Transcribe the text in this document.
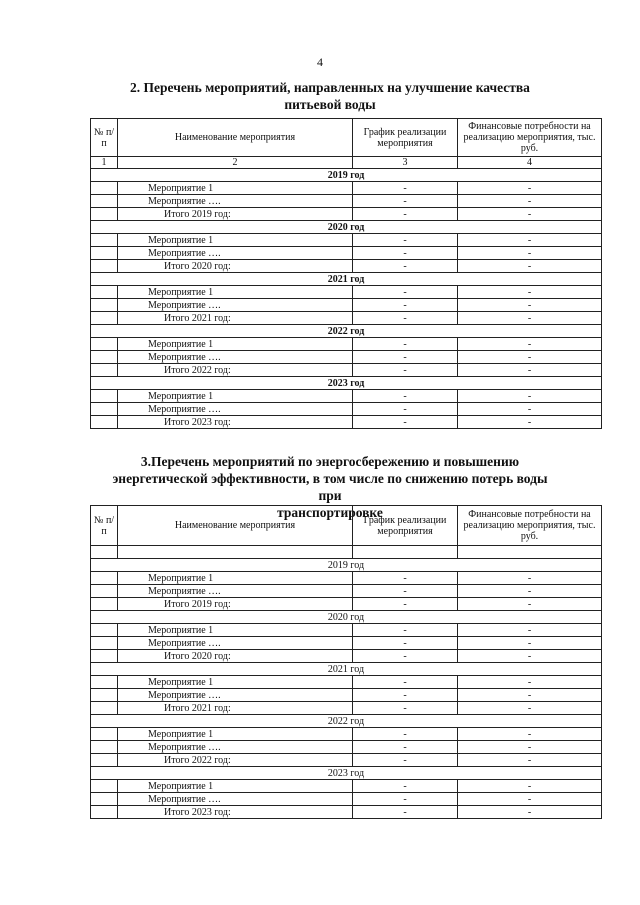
4
2. Перечень мероприятий, направленных на улучшение качества
питьевой воды
№ п/п	Наименование мероприятия	График реализации мероприятия	Финансовые потребности на реализацию мероприятия, тыс. руб.
1	2	3	4
2019 год			
	Мероприятие 1	-	-
	Мероприятие ….	-	-
	Итого 2019 год:	-	-
2020 год			
	Мероприятие 1	-	-
	Мероприятие ….	-	-
	Итого 2020 год:	-	-
2021 год			
	Мероприятие 1	-	-
	Мероприятие ….	-	-
	Итого 2021 год:	-	-
2022 год			
	Мероприятие 1	-	-
	Мероприятие ….	-	-
	Итого 2022 год:	-	-
2023 год			
	Мероприятие 1	-	-
	Мероприятие ….	-	-
	Итого 2023 год:	-	-
3.Перечень мероприятий по энергосбережению и повышению
энергетической эффективности, в том числе по снижению потерь воды при
транспортировке
№ п/п	Наименование мероприятия	График реализации мероприятия	Финансовые потребности на реализацию мероприятия, тыс. руб.

2019 год			
	Мероприятие 1	-	-
	Мероприятие ….	-	-
	Итого 2019 год:	-	-
2020 год			
	Мероприятие 1	-	-
	Мероприятие ….	-	-
	Итого 2020 год:	-	-
2021 год			
	Мероприятие 1	-	-
	Мероприятие ….	-	-
	Итого 2021 год:	-	-
2022 год			
	Мероприятие 1	-	-
	Мероприятие ….	-	-
	Итого 2022 год:	-	-
2023 год			
	Мероприятие 1	-	-
	Мероприятие ….	-	-
	Итого 2023 год:	-	-
